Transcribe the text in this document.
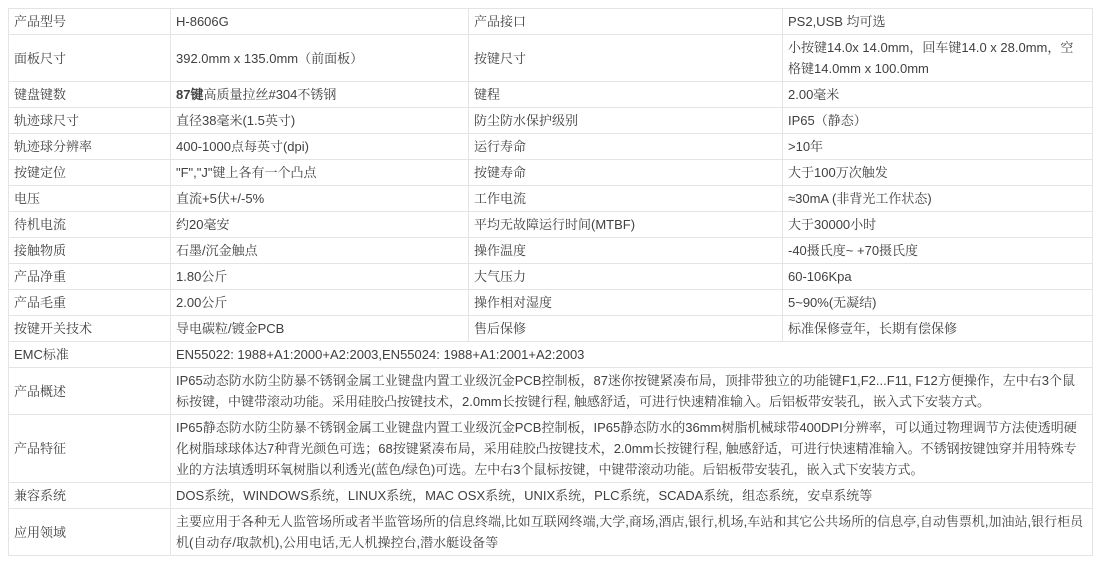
产品型号	H-8606G	产品接口	PS2,USB 均可选
面板尺寸	392.0mm x 135.0mm（前面板）	按键尺寸	小按键14.0x 14.0mm，回车键14.0 x 28.0mm，空格键14.0mm x 100.0mm
键盘键数	87键高质量拉丝#304不锈钢	键程	2.00毫米
轨迹球尺寸	直径38毫米(1.5英寸)	防尘防水保护级别	IP65（静态）
轨迹球分辨率	400-1000点每英寸(dpi)	运行寿命	>10年
按键定位	"F","J"键上各有一个凸点	按键寿命	大于100万次触发
电压	直流+5伏+/-5%	工作电流	≈30mA (非背光工作状态)
待机电流	约20毫安	平均无故障运行时间(MTBF)	大于30000小时
接触物质	石墨/沉金触点	操作温度	-40摄氏度~ +70摄氏度
产品净重	1.80公斤	大气压力	60-106Kpa
产品毛重	2.00公斤	操作相对湿度	5~90%(无凝结)
按键开关技术	导电碳粒/镀金PCB	售后保修	标准保修壹年，长期有偿保修
EMC标准	EN55022: 1988+A1:2000+A2:2003,EN55024: 1988+A1:2001+A2:2003		
产品概述	IP65动态防水防尘防暴不锈钢金属工业键盘内置工业级沉金PCB控制板，87迷你按键紧凑布局，顶排带独立的功能键F1,F2...F11, F12方便操作，左中右3个鼠标按键，中键带滚动功能。采用硅胶凸按键技术，2.0mm长按键行程, 触感舒适，可进行快速精准输入。后铝板带安装孔，嵌入式下安装方式。		
产品特征	IP65静态防水防尘防暴不锈钢金属工业键盘内置工业级沉金PCB控制板，IP65静态防水的36mm树脂机械球带400DPI分辨率，可以通过物理调节方法使透明硬化树脂球球体达7种背光颜色可选；68按键紧凑布局，采用硅胶凸按键技术，2.0mm长按键行程, 触感舒适，可进行快速精准输入。不锈钢按键蚀穿并用特殊专业的方法填透明环氧树脂以利透光(蓝色/绿色)可选。左中右3个鼠标按键，中键带滚动功能。后铝板带安装孔，嵌入式下安装方式。		
兼容系统	DOS系统，WINDOWS系统，LINUX系统，MAC OSX系统，UNIX系统，PLC系统，SCADA系统，组态系统，安卓系统等		
应用领域	主要应用于各种无人监管场所或者半监管场所的信息终端,比如互联网终端,大学,商场,酒店,银行,机场,车站和其它公共场所的信息亭,自动售票机,加油站,银行柜员机(自动存/取款机),公用电话,无人机操控台,潜水艇设备等		
